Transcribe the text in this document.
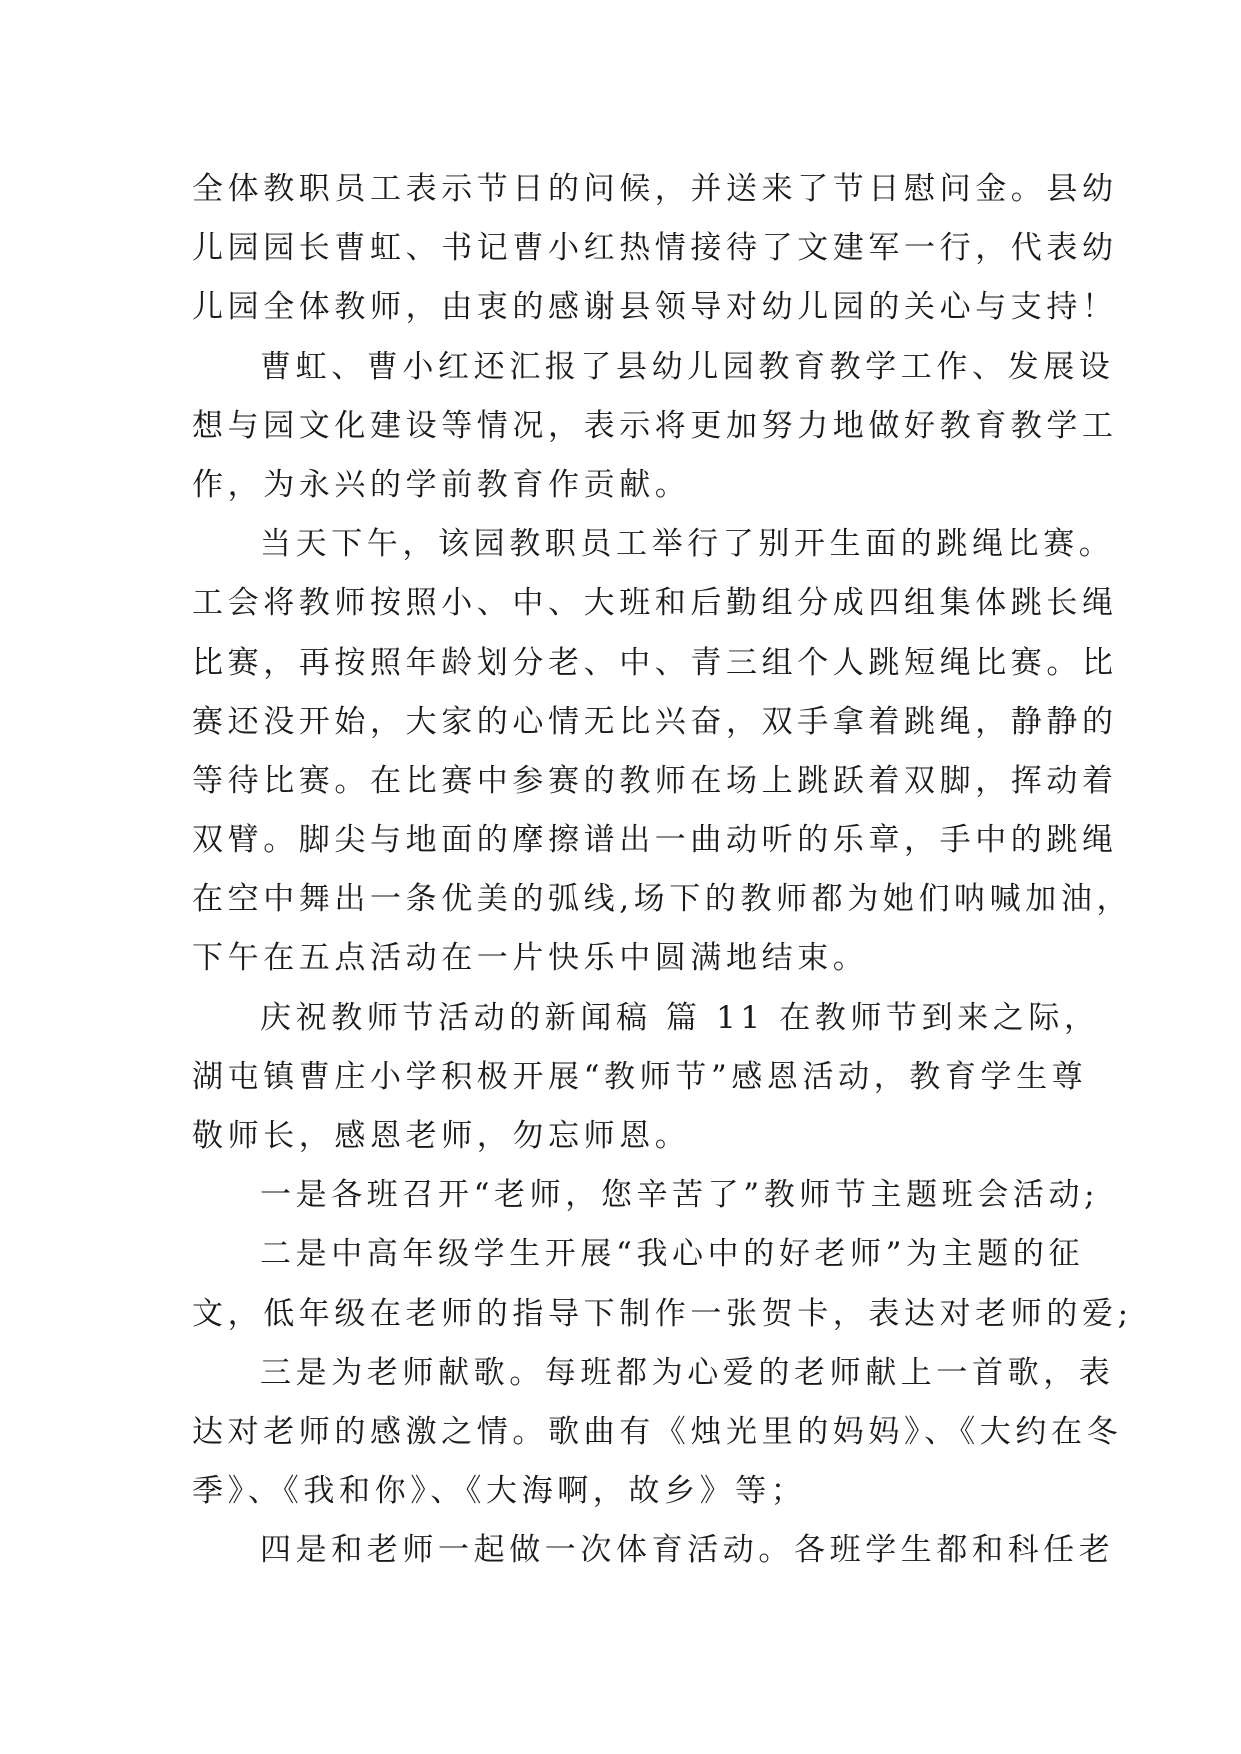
全体教职员工表示节日的问候，并送来了节日慰问金。县幼
儿园园长曹虹、书记曹小红热情接待了文建军一行，代表幼
儿园全体教师，由衷的感谢县领导对幼儿园的关心与支持！
曹虹、曹小红还汇报了县幼儿园教育教学工作、发展设
想与园文化建设等情况，表示将更加努力地做好教育教学工
作，为永兴的学前教育作贡献。
当天下午，该园教职员工举行了别开生面的跳绳比赛。
工会将教师按照小、中、大班和后勤组分成四组集体跳长绳
比赛，再按照年龄划分老、中、青三组个人跳短绳比赛。比
赛还没开始，大家的心情无比兴奋，双手拿着跳绳，静静的
等待比赛。在比赛中参赛的教师在场上跳跃着双脚，挥动着
双臂。脚尖与地面的摩擦谱出一曲动听的乐章，手中的跳绳
在空中舞出一条优美的弧线,场下的教师都为她们呐喊加油，
下午在五点活动在一片快乐中圆满地结束。
庆祝教师节活动的新闻稿 篇 11 在教师节到来之际，
湖屯镇曹庄小学积极开展“教师节”感恩活动，教育学生尊
敬师长，感恩老师，勿忘师恩。
一是各班召开“老师，您辛苦了”教师节主题班会活动;
二是中高年级学生开展“我心中的好老师”为主题的征
文，低年级在老师的指导下制作一张贺卡，表达对老师的爱;
三是为老师献歌。每班都为心爱的老师献上一首歌，表
达对老师的感激之情。歌曲有《烛光里的妈妈》、《大约在冬
季》、《我和你》、《大海啊，故乡》等；
四是和老师一起做一次体育活动。各班学生都和科任老
